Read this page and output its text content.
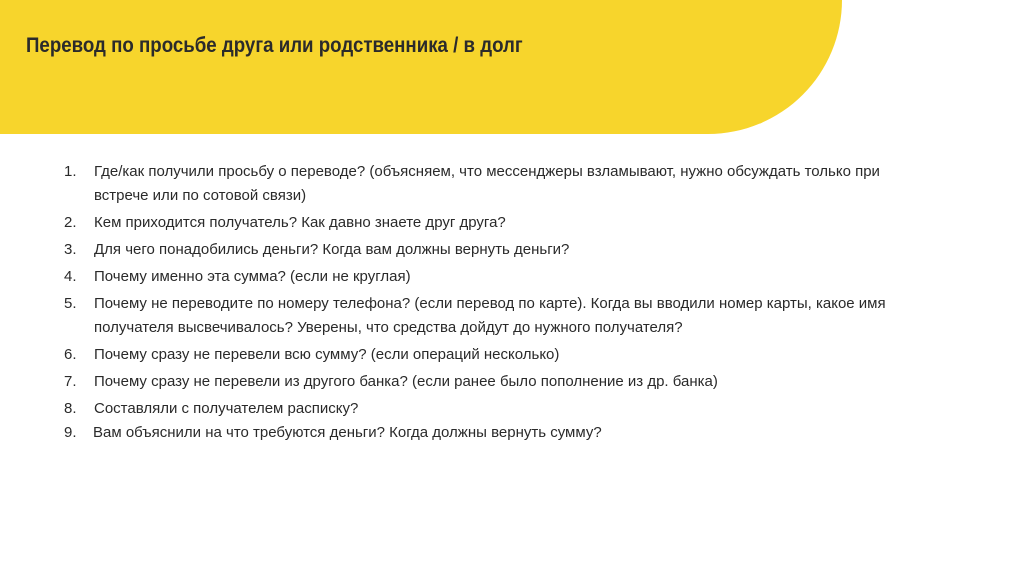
Перевод по просьбе друга или родственника / в долг
1. Где/как получили просьбу о переводе? (объясняем, что мессенджеры взламывают, нужно обсуждать только при встрече или по сотовой связи)
2. Кем приходится получатель? Как давно знаете друг друга?
3. Для чего понадобились деньги? Когда вам должны вернуть деньги?
4. Почему именно эта сумма? (если не круглая)
5. Почему не переводите по номеру телефона? (если перевод по карте). Когда вы вводили номер карты, какое имя получателя высвечивалось? Уверены, что средства дойдут до нужного получателя?
6. Почему сразу не перевели всю сумму? (если операций несколько)
7. Почему сразу не перевели из другого банка? (если ранее было пополнение из др. банка)
8. Составляли с получателем расписку?
9. Вам объяснили на что требуются деньги? Когда должны вернуть сумму?
